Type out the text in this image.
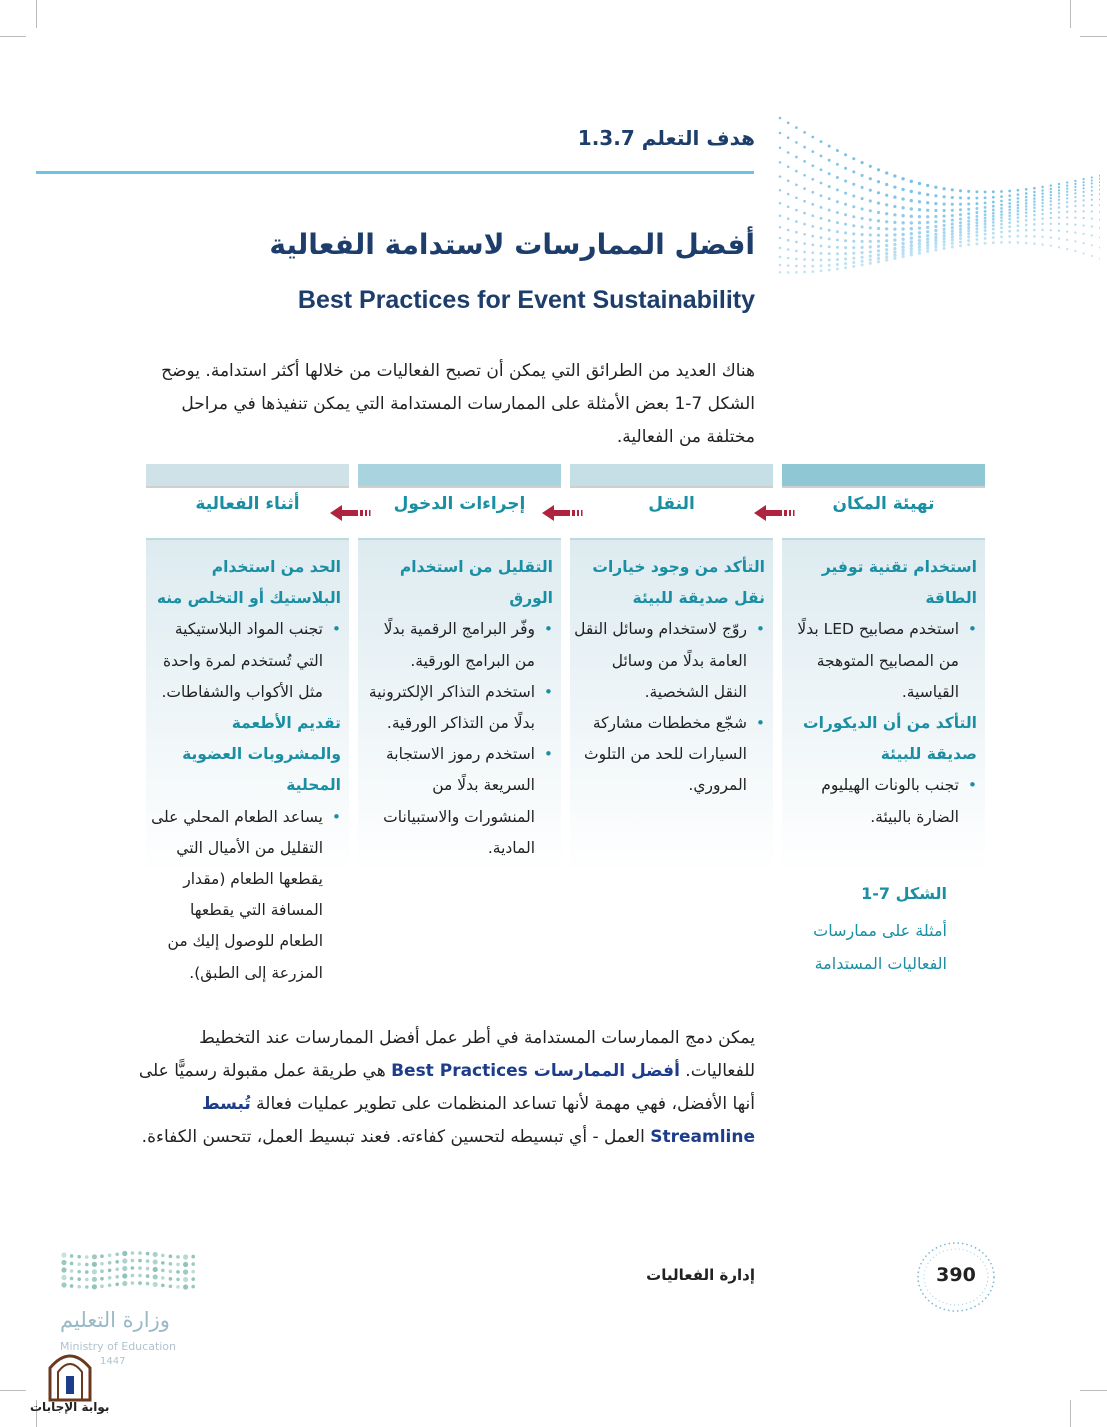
هدف التعلم 1.3.7
أفضل الممارسات لاستدامة الفعالية
Best Practices for Event Sustainability
هناك العديد من الطرائق التي يمكن أن تصبح الفعاليات من خلالها أكثر استدامة. يوضح الشكل 7-1 بعض الأمثلة على الممارسات المستدامة التي يمكن تنفيذها في مراحل مختلفة من الفعالية.
تهيئة المكان
استخدام تقنية توفير الطاقة
• استخدم مصابيح LED بدلًا من المصابيح المتوهجة القياسية.
التأكد من أن الديكورات صديقة للبيئة
• تجنب بالونات الهيليوم الضارة بالبيئة.
النقل
التأكد من وجود خيارات نقل صديقة للبيئة
• روّج لاستخدام وسائل النقل العامة بدلًا من وسائل النقل الشخصية.
• شجّع مخططات مشاركة السيارات للحد من التلوث المروري.
إجراءات الدخول
التقليل من استخدام الورق
• وفّر البرامج الرقمية بدلًا من البرامج الورقية.
• استخدم التذاكر الإلكترونية بدلًا من التذاكر الورقية.
• استخدم رموز الاستجابة السريعة بدلًا من المنشورات والاستبيانات المادية.
أثناء الفعالية
الحد من استخدام البلاستيك أو التخلص منه
• تجنب المواد البلاستيكية التي تُستخدم لمرة واحدة مثل الأكواب والشفاطات.
تقديم الأطعمة والمشروبات العضوية المحلية
• يساعد الطعام المحلي على التقليل من الأميال التي يقطعها الطعام (مقدار المسافة التي يقطعها الطعام للوصول إليك من المزرعة إلى الطبق).
الشكل 7-1
أمثلة على ممارسات الفعاليات المستدامة
يمكن دمج الممارسات المستدامة في أطر عمل أفضل الممارسات عند التخطيط للفعاليات. أفضل الممارسات Best Practices هي طريقة عمل مقبولة رسميًّا على أنها الأفضل، فهي مهمة لأنها تساعد المنظمات على تطوير عمليات فعالة تُبسط Streamline العمل - أي تبسيطه لتحسين كفاءته. فعند تبسيط العمل، تتحسن الكفاءة.
إدارة الفعاليات	390
وزارة التعليم
Ministry of Education
1447
بوابة الإجابات
